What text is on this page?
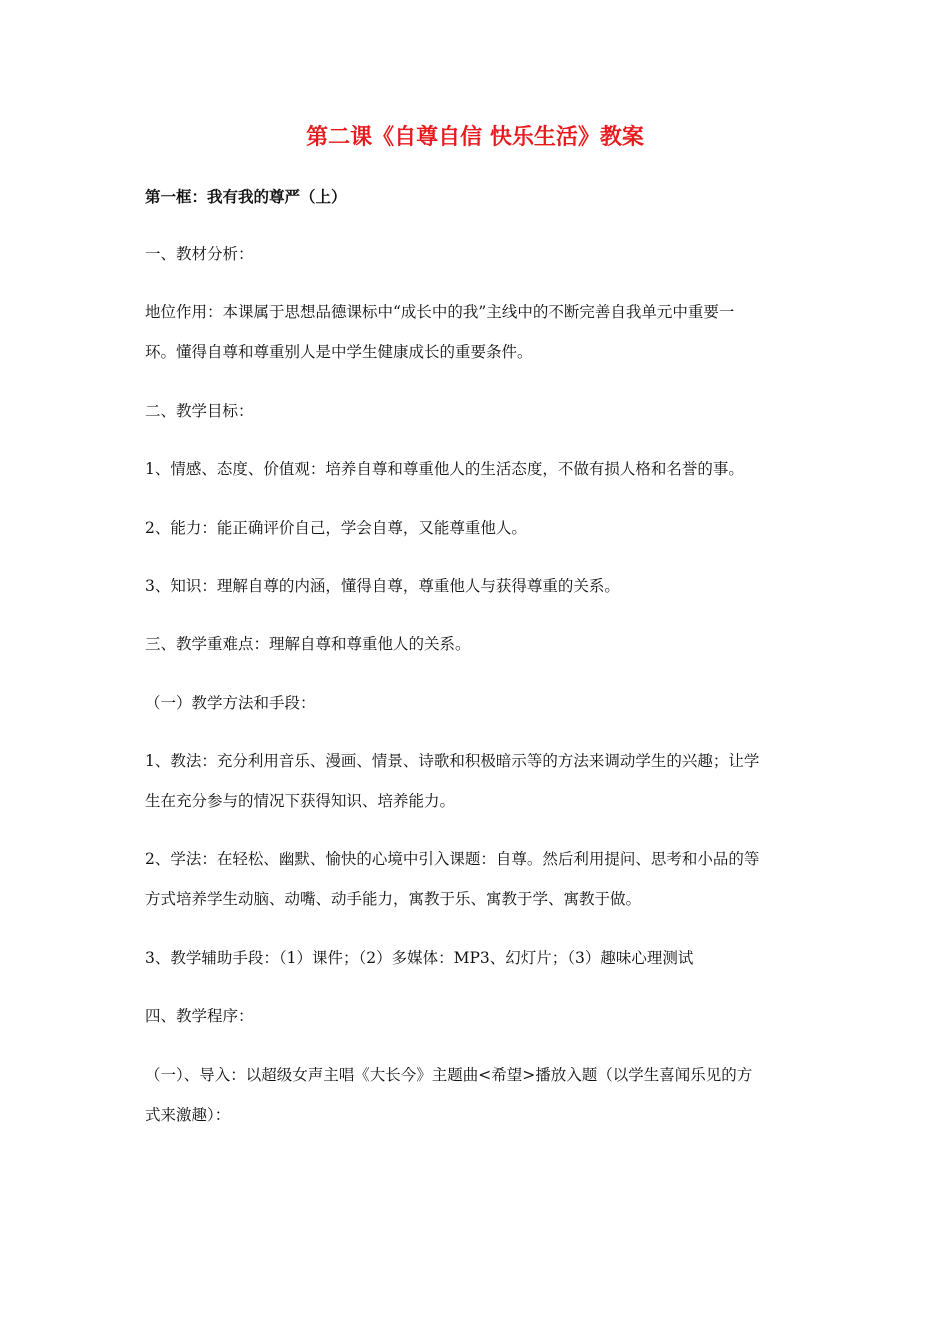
第二课《自尊自信 快乐生活》教案
第一框：我有我的尊严（上）
一、教材分析：
地位作用：本课属于思想品德课标中“成长中的我”主线中的不断完善自我单元中重要一
环。懂得自尊和尊重别人是中学生健康成长的重要条件。
二、教学目标：
1、情感、态度、价值观：培养自尊和尊重他人的生活态度，不做有损人格和名誉的事。
2、能力：能正确评价自己，学会自尊，又能尊重他人。
3、知识：理解自尊的内涵，懂得自尊，尊重他人与获得尊重的关系。
三、教学重难点：理解自尊和尊重他人的关系。
（一）教学方法和手段：
1、教法：充分利用音乐、漫画、情景、诗歌和积极暗示等的方法来调动学生的兴趣；让学
生在充分参与的情况下获得知识、培养能力。
2、学法：在轻松、幽默、愉快的心境中引入课题：自尊。然后利用提问、思考和小品的等
方式培养学生动脑、动嘴、动手能力，寓教于乐、寓教于学、寓教于做。
3、教学辅助手段：（1）课件；（2）多媒体：MP3、幻灯片；（3）趣味心理测试
四、教学程序：
（一）、导入：以超级女声主唱《大长今》主题曲<希望>播放入题（以学生喜闻乐见的方
式来激趣）：
